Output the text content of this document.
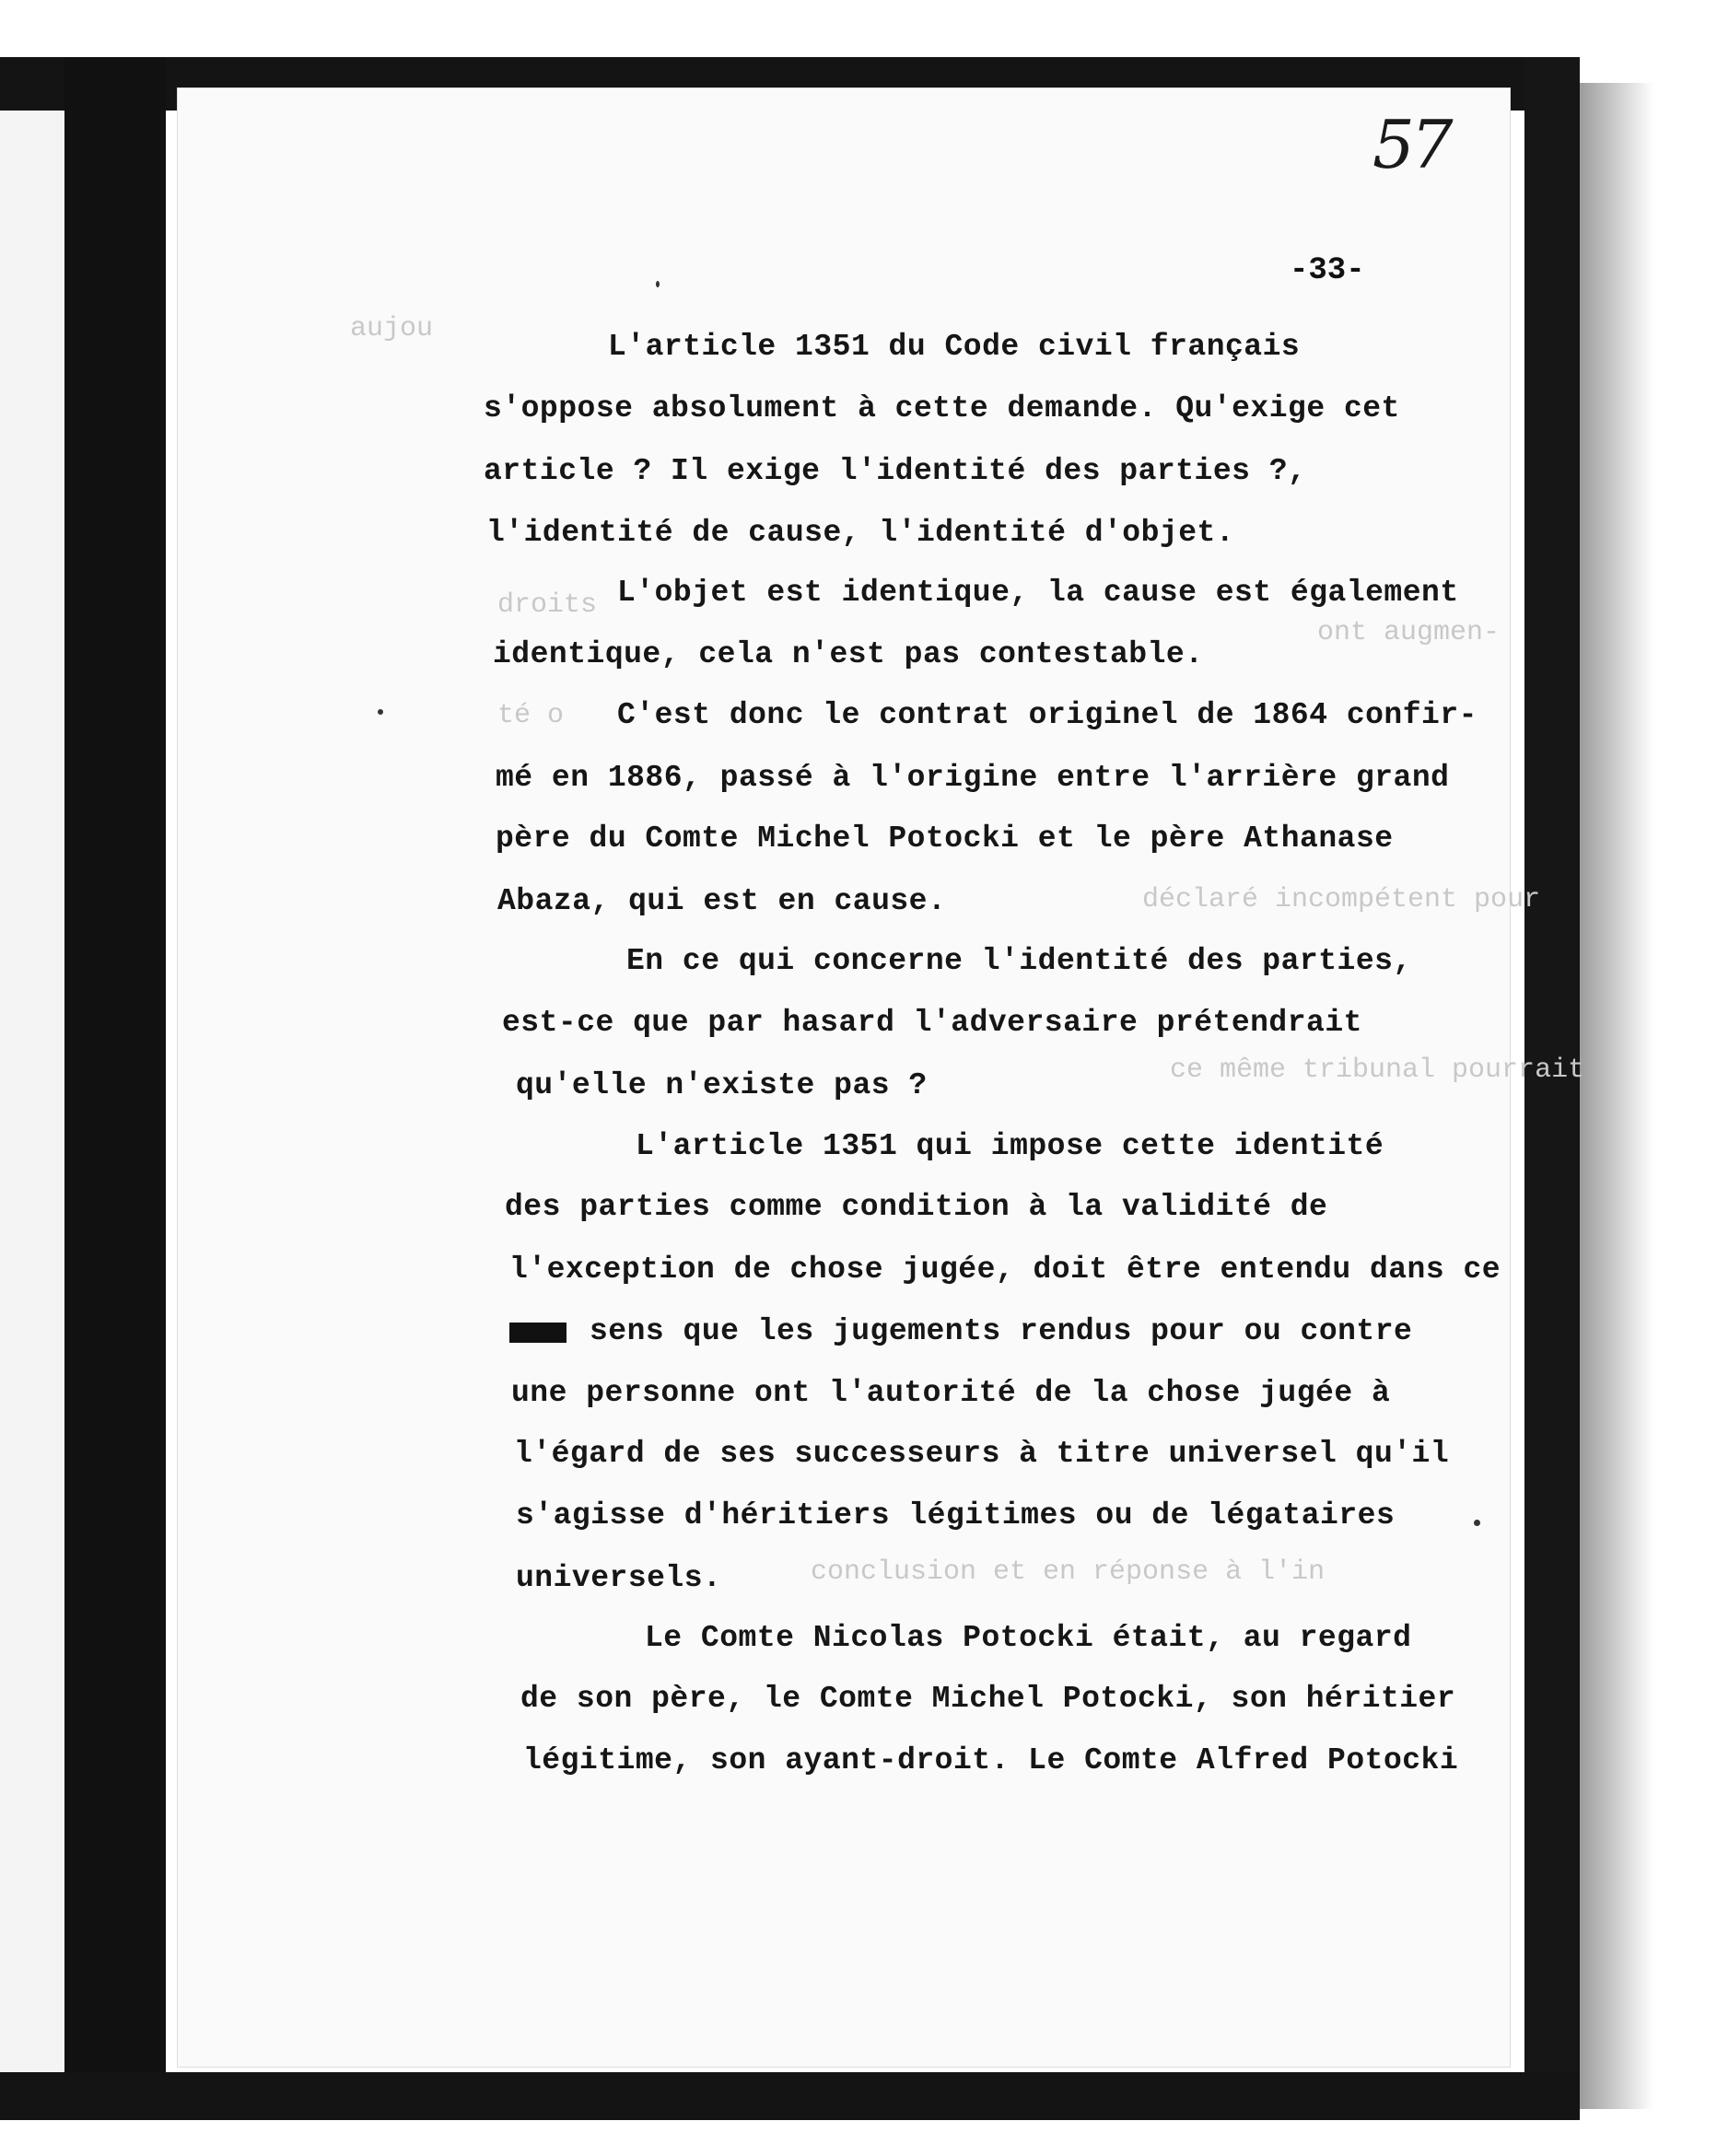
aujou
droits
ont augmen-
té o
déclaré incompétent pour
ce même tribunal pourrait
conclusion et en réponse à l'in
57
-33-
L'article 1351 du Code civil français
s'oppose absolument à cette demande. Qu'exige cet
article ? Il exige l'identité des parties ?,
l'identité de cause, l'identité d'objet.
L'objet est identique, la cause est également
identique, cela n'est pas contestable.
C'est donc le contrat originel de 1864 confir-
mé en 1886, passé à l'origine entre l'arrière grand
père du Comte Michel Potocki et le père Athanase
Abaza, qui est en cause.
En ce qui concerne l'identité des parties,
est-ce que par hasard l'adversaire prétendrait
qu'elle n'existe pas ?
L'article 1351 qui impose cette identité
des parties comme condition à la validité de
l'exception de chose jugée, doit être entendu dans ce
sens que les jugements rendus pour ou contre
une personne ont l'autorité de la chose jugée à
l'égard de ses successeurs à titre universel qu'il
s'agisse d'héritiers légitimes ou de légataires
universels.
Le Comte Nicolas Potocki était, au regard
de son père, le Comte Michel Potocki, son héritier
légitime, son ayant-droit. Le Comte Alfred Potocki
